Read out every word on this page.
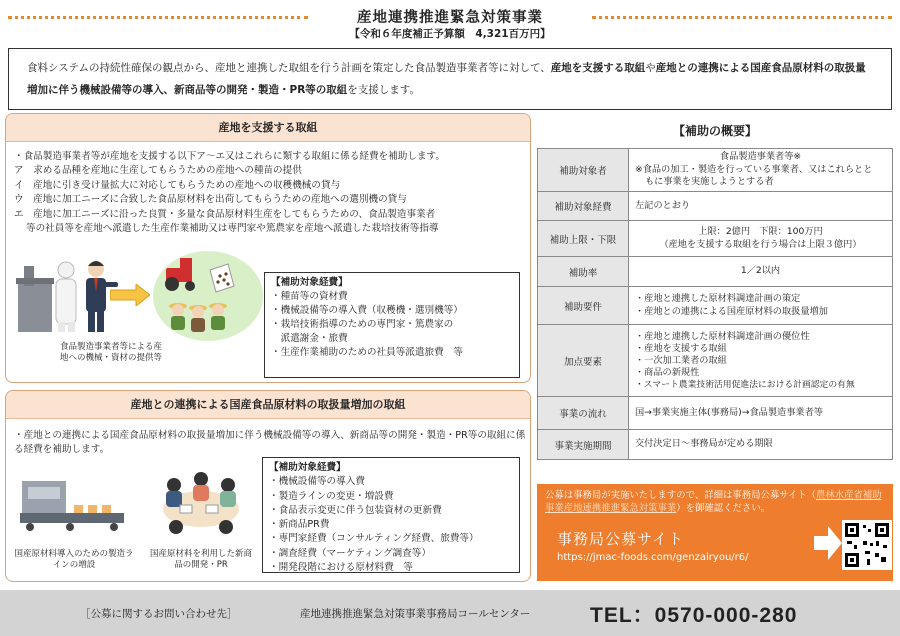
産地連携推進緊急対策事業
【令和６年度補正予算額　4,321百万円】
食料システムの持続性確保の観点から、産地と連携した取組を行う計画を策定した食品製造事業者等に対して、産地を支援する取組や産地との連携による国産食品原材料の取扱量増加に伴う機械設備等の導入、新商品等の開発・製造・PR等の取組を支援します。
産地を支援する取組
・食品製造事業者等が産地を支援する以下ア〜エ又はこれらに類する取組に係る経費を補助します。
ア　求める品種を産地に生産してもらうための産地への種苗の提供
イ　産地に引き受け量拡大に対応してもらうための産地への収穫機械の貸与
ウ　産地に加工ニーズに合致した食品原材料を出荷してもらうための産地への選別機の貸与
エ　産地に加工ニーズに沿った良質・多量な食品原材料生産をしてもらうための、食品製造事業者
等の社員等を産地へ派遣した生産作業補助又は専門家や篤農家を産地へ派遣した栽培技術等指導
食品製造事業者等による産地への機械・資材の提供等
【補助対象経費】
・種苗等の資材費
・機械設備等の導入費（収穫機・選別機等）
・栽培技術指導のための専門家・篤農家の
　派遣謝金・旅費
・生産作業補助のための社員等派遣旅費　等
産地との連携による国産食品原材料の取扱量増加の取組
・産地との連携による国産食品原材料の取扱量増加に伴う機械設備等の導入、新商品等の開発・製造・PR等の取組に係る経費を補助します。
国産原材料導入のための製造ラインの増設
国産原材料を利用した新商品の開発・PR
【補助対象経費】
・機械設備等の導入費
・製造ラインの変更・増設費
・食品表示変更に伴う包装資材の更新費
・新商品PR費
・専門家経費（コンサルティング経費、旅費等）
・調査経費（マーケティング調査等）
・開発段階における原材料費　等
【補助の概要】
補助対象者	食品製造事業者等※
※食品の加工・製造を行っている事業者、又はこれらとと
もに事業を実施しようとする者

補助対象経費	左記のとおり

補助上限・下限	上限：2億円　下限：100万円
（産地を支援する取組を行う場合は上限３億円）

補助率	1／2以内

補助要件	・産地と連携した原材料調達計画の策定
・産地との連携による国産原材料の取扱量増加

加点要素	・産地と連携した原材料調達計画の優位性
・産地を支援する取組
・一次加工業者の取組
・商品の新規性
・スマート農業技術活用促進法における計画認定の有無

事業の流れ	国→事業実施主体(事務局)→食品製造事業者等

事業実施期間	交付決定日〜事務局が定める期限
公募は事務局が実施いたしますので、詳細は事務局公募サイト（農林水産省補助事業産地連携推進緊急対策事業）を御確認ください。
事務局公募サイト
https://jmac-foods.com/genzairyou/r6/
［公募に関するお問い合わせ先］	産地連携推進緊急対策事業事務局コールセンター	TEL：0570-000-280
